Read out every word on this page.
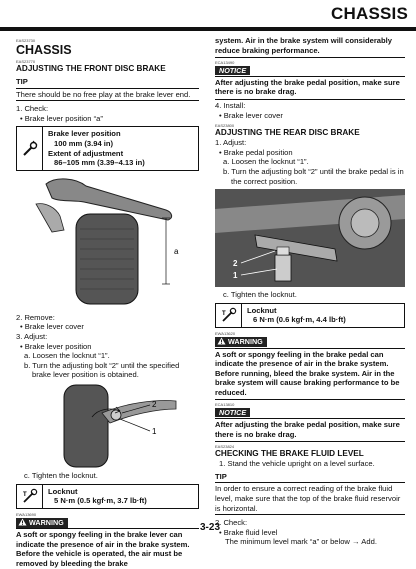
CHASSIS
EAS23730
CHASSIS
EAS23770
ADJUSTING THE FRONT DISC BRAKE
TIP

There should be no free play at the brake lever end.

1. Check:

• Brake lever position “a”

Brake lever position
100 mm (3.94 in)
Extent of adjustment
86–105 mm (3.39–4.13 in)
a

2. Remove:

• Brake lever cover

3. Adjust:

• Brake lever position

a. Loosen the locknut “1”.

b. Turn the adjusting bolt “2” until the specified brake lever position is obtained.

2
1

c. Tighten the locknut.

T	Locknut
5 N·m (0.5 kgf·m, 3.7 lb·ft)
EWA13690
WARNING

A soft or spongy feeling in the brake lever can indicate the presence of air in the brake system. Before the vehicle is operated, the air must be removed by bleeding the brake

system. Air in the brake system will considerably reduce braking performance.

ECA13490
NOTICE

After adjusting the brake pedal position, make sure there is no brake drag.

4. Install:

• Brake lever cover

EAS23800
ADJUSTING THE REAR DISC BRAKE

1. Adjust:

• Brake pedal position

a. Loosen the locknut “1”.

b. Turn the adjusting bolt “2” until the brake pedal is in the correct position.

2
1

c. Tighten the locknut.

T	Locknut
6 N·m (0.6 kgf·m, 4.4 lb·ft)
EWA13620
WARNING

A soft or spongy feeling in the brake pedal can indicate the presence of air in the brake system. Before running, bleed the brake system. Air in the brake system will cause braking performance to be reduced.

ECA13810
NOTICE

After adjusting the brake pedal position, make sure there is no brake drag.

EAS23824
CHECKING THE BRAKE FLUID LEVEL

1. Stand the vehicle upright on a level surface.

TIP

In order to ensure a correct reading of the brake fluid level, make sure that the top of the brake fluid reservoir is horizontal.

2. Check:

• Brake fluid level

The minimum level mark “a” or below → Add.

3-23
